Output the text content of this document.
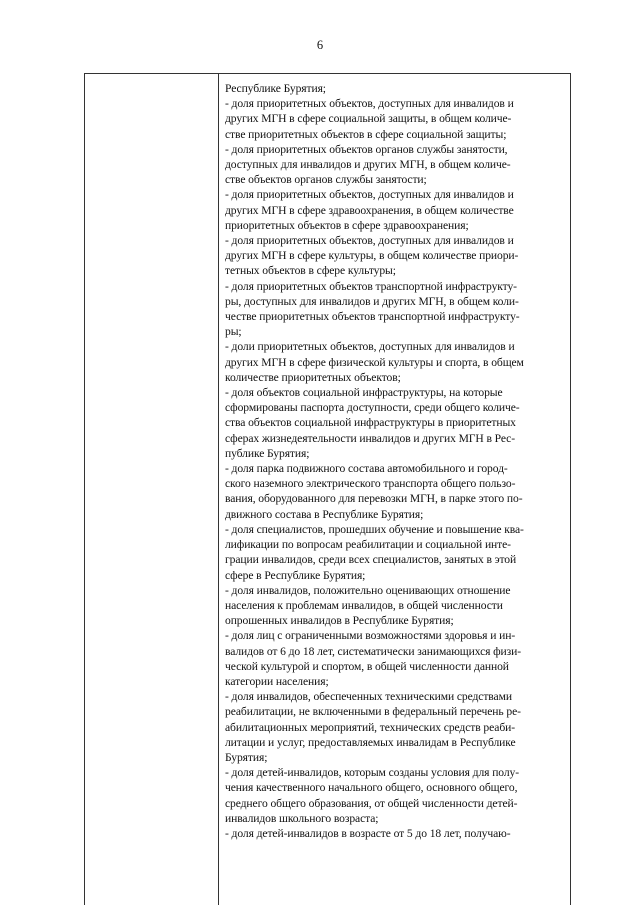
6
Республике Бурятия;
- доля приоритетных объектов, доступных для инвалидов и
других МГН в сфере социальной защиты, в общем количе-
стве приоритетных объектов в сфере социальной защиты;
- доля приоритетных объектов органов службы занятости,
доступных для инвалидов и других МГН, в общем количе-
стве объектов органов службы занятости;
- доля приоритетных объектов, доступных для инвалидов и
других МГН в сфере здравоохранения, в общем количестве
приоритетных объектов в сфере здравоохранения;
- доля приоритетных объектов, доступных для инвалидов и
других МГН в сфере культуры, в общем количестве приори-
тетных объектов в сфере культуры;
- доля приоритетных объектов транспортной инфраструкту-
ры, доступных для инвалидов и других МГН, в общем коли-
честве приоритетных объектов транспортной инфраструкту-
ры;
- доли приоритетных объектов, доступных для инвалидов и
других МГН в сфере физической культуры и спорта, в общем
количестве приоритетных объектов;
- доля объектов социальной инфраструктуры, на которые
сформированы паспорта доступности, среди общего количе-
ства объектов социальной инфраструктуры в приоритетных
сферах жизнедеятельности инвалидов и других МГН в Рес-
публике Бурятия;
- доля парка подвижного состава автомобильного и город-
ского наземного электрического транспорта общего пользо-
вания, оборудованного для перевозки МГН, в парке этого по-
движного состава в Республике Бурятия;
- доля специалистов, прошедших обучение и повышение ква-
лификации по вопросам реабилитации и социальной инте-
грации инвалидов, среди всех специалистов, занятых в этой
сфере в Республике Бурятия;
- доля инвалидов, положительно оценивающих отношение
населения к проблемам инвалидов, в общей численности
опрошенных инвалидов в Республике Бурятия;
- доля лиц с ограниченными возможностями здоровья и ин-
валидов от 6 до 18 лет, систематически занимающихся физи-
ческой культурой и спортом, в общей численности данной
категории населения;
- доля инвалидов, обеспеченных техническими средствами
реабилитации, не включенными в федеральный перечень ре-
абилитационных мероприятий, технических средств реаби-
литации и услуг, предоставляемых инвалидам в Республике
Бурятия;
- доля детей-инвалидов, которым созданы условия для полу-
чения качественного начального общего, основного общего,
среднего общего образования, от общей численности детей-
инвалидов школьного возраста;
- доля детей-инвалидов в возрасте от 5 до 18 лет, получаю-
